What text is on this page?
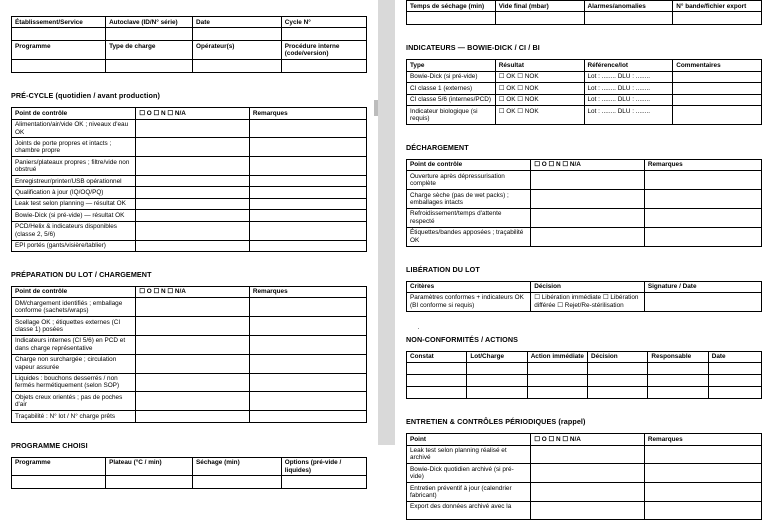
Établissement/Service	Autoclave (ID/N° série)	Date	Cycle N°

Programme	Type de charge	Opérateur(s)	Procédure interne (code/version)

PRÉ-CYCLE (quotidien / avant production)
Point de contrôle	☐ O ☐ N ☐ N/A	Remarques
Alimentation/air/vide OK ; niveaux d'eau OK		
Joints de porte propres et intacts ; chambre propre		
Paniers/plateaux propres ; filtre/vide non obstrué		
Enregistreur/printer/USB opérationnel		
Qualification à jour (IQ/OQ/PQ)		
Leak test selon planning — résultat OK		
Bowie-Dick (si pré-vide) — résultat OK		
PCD/Helix & indicateurs disponibles (classe 2, 5/6)		
EPI portés (gants/visière/tablier)		
PRÉPARATION DU LOT / CHARGEMENT
Point de contrôle	☐ O ☐ N ☐ N/A	Remarques
DM/chargement identifiés ; emballage conforme (sachets/wraps)		
Scellage OK ; étiquettes externes (CI classe 1) posées		
Indicateurs internes (CI 5/6) en PCD et dans charge représentative		
Charge non surchargée ; circulation vapeur assurée		
Liquides : bouchons desserrés / non fermés hermétiquement (selon SOP)		
Objets creux orientés ; pas de poches d'air		
Traçabilité : N° lot / N° charge prêts		
PROGRAMME CHOISI
Programme	Plateau (°C / min)	Séchage (min)	Options (pré-vide / liquides)

Temps de séchage (min)	Vide final (mbar)	Alarmes/anomalies	N° bande/fichier export

INDICATEURS — BOWIE-DICK / CI / BI
Type	Résultat	Référence/lot	Commentaires
Bowie-Dick (si pré-vide)	☐ OK ☐ NOK	Lot : ........ DLU : ........	
CI classe 1 (externes)	☐ OK ☐ NOK	Lot : ........ DLU : ........	
CI classe 5/6 (internes/PCD)	☐ OK ☐ NOK	Lot : ........ DLU : ........	
Indicateur biologique (si requis)	☐ OK ☐ NOK	Lot : ........ DLU : ........	
DÉCHARGEMENT
Point de contrôle	☐ O ☐ N ☐ N/A	Remarques
Ouverture après dépressurisation complète		
Charge sèche (pas de wet packs) ; emballages intacts		
Refroidissement/temps d'attente respecté		
Étiquettes/bandes apposées ; traçabilité OK		
LIBÉRATION DU LOT
Critères	Décision	Signature / Date
Paramètres conformes + indicateurs OK (BI conforme si requis)	☐ Libération immédiate ☐ Libération différée ☐ Rejet/Re-stérilisation	
.
NON-CONFORMITÉS / ACTIONS
Constat	Lot/Charge	Action immédiate	Décision	Responsable	Date

ENTRETIEN & CONTRÔLES PÉRIODIQUES (rappel)
Point	☐ O ☐ N ☐ N/A	Remarques
Leak test selon planning réalisé et archivé		
Bowie-Dick quotidien archivé (si pré-vide)		
Entretien préventif à jour (calendrier fabricant)		
Export des données archivé avec la		
